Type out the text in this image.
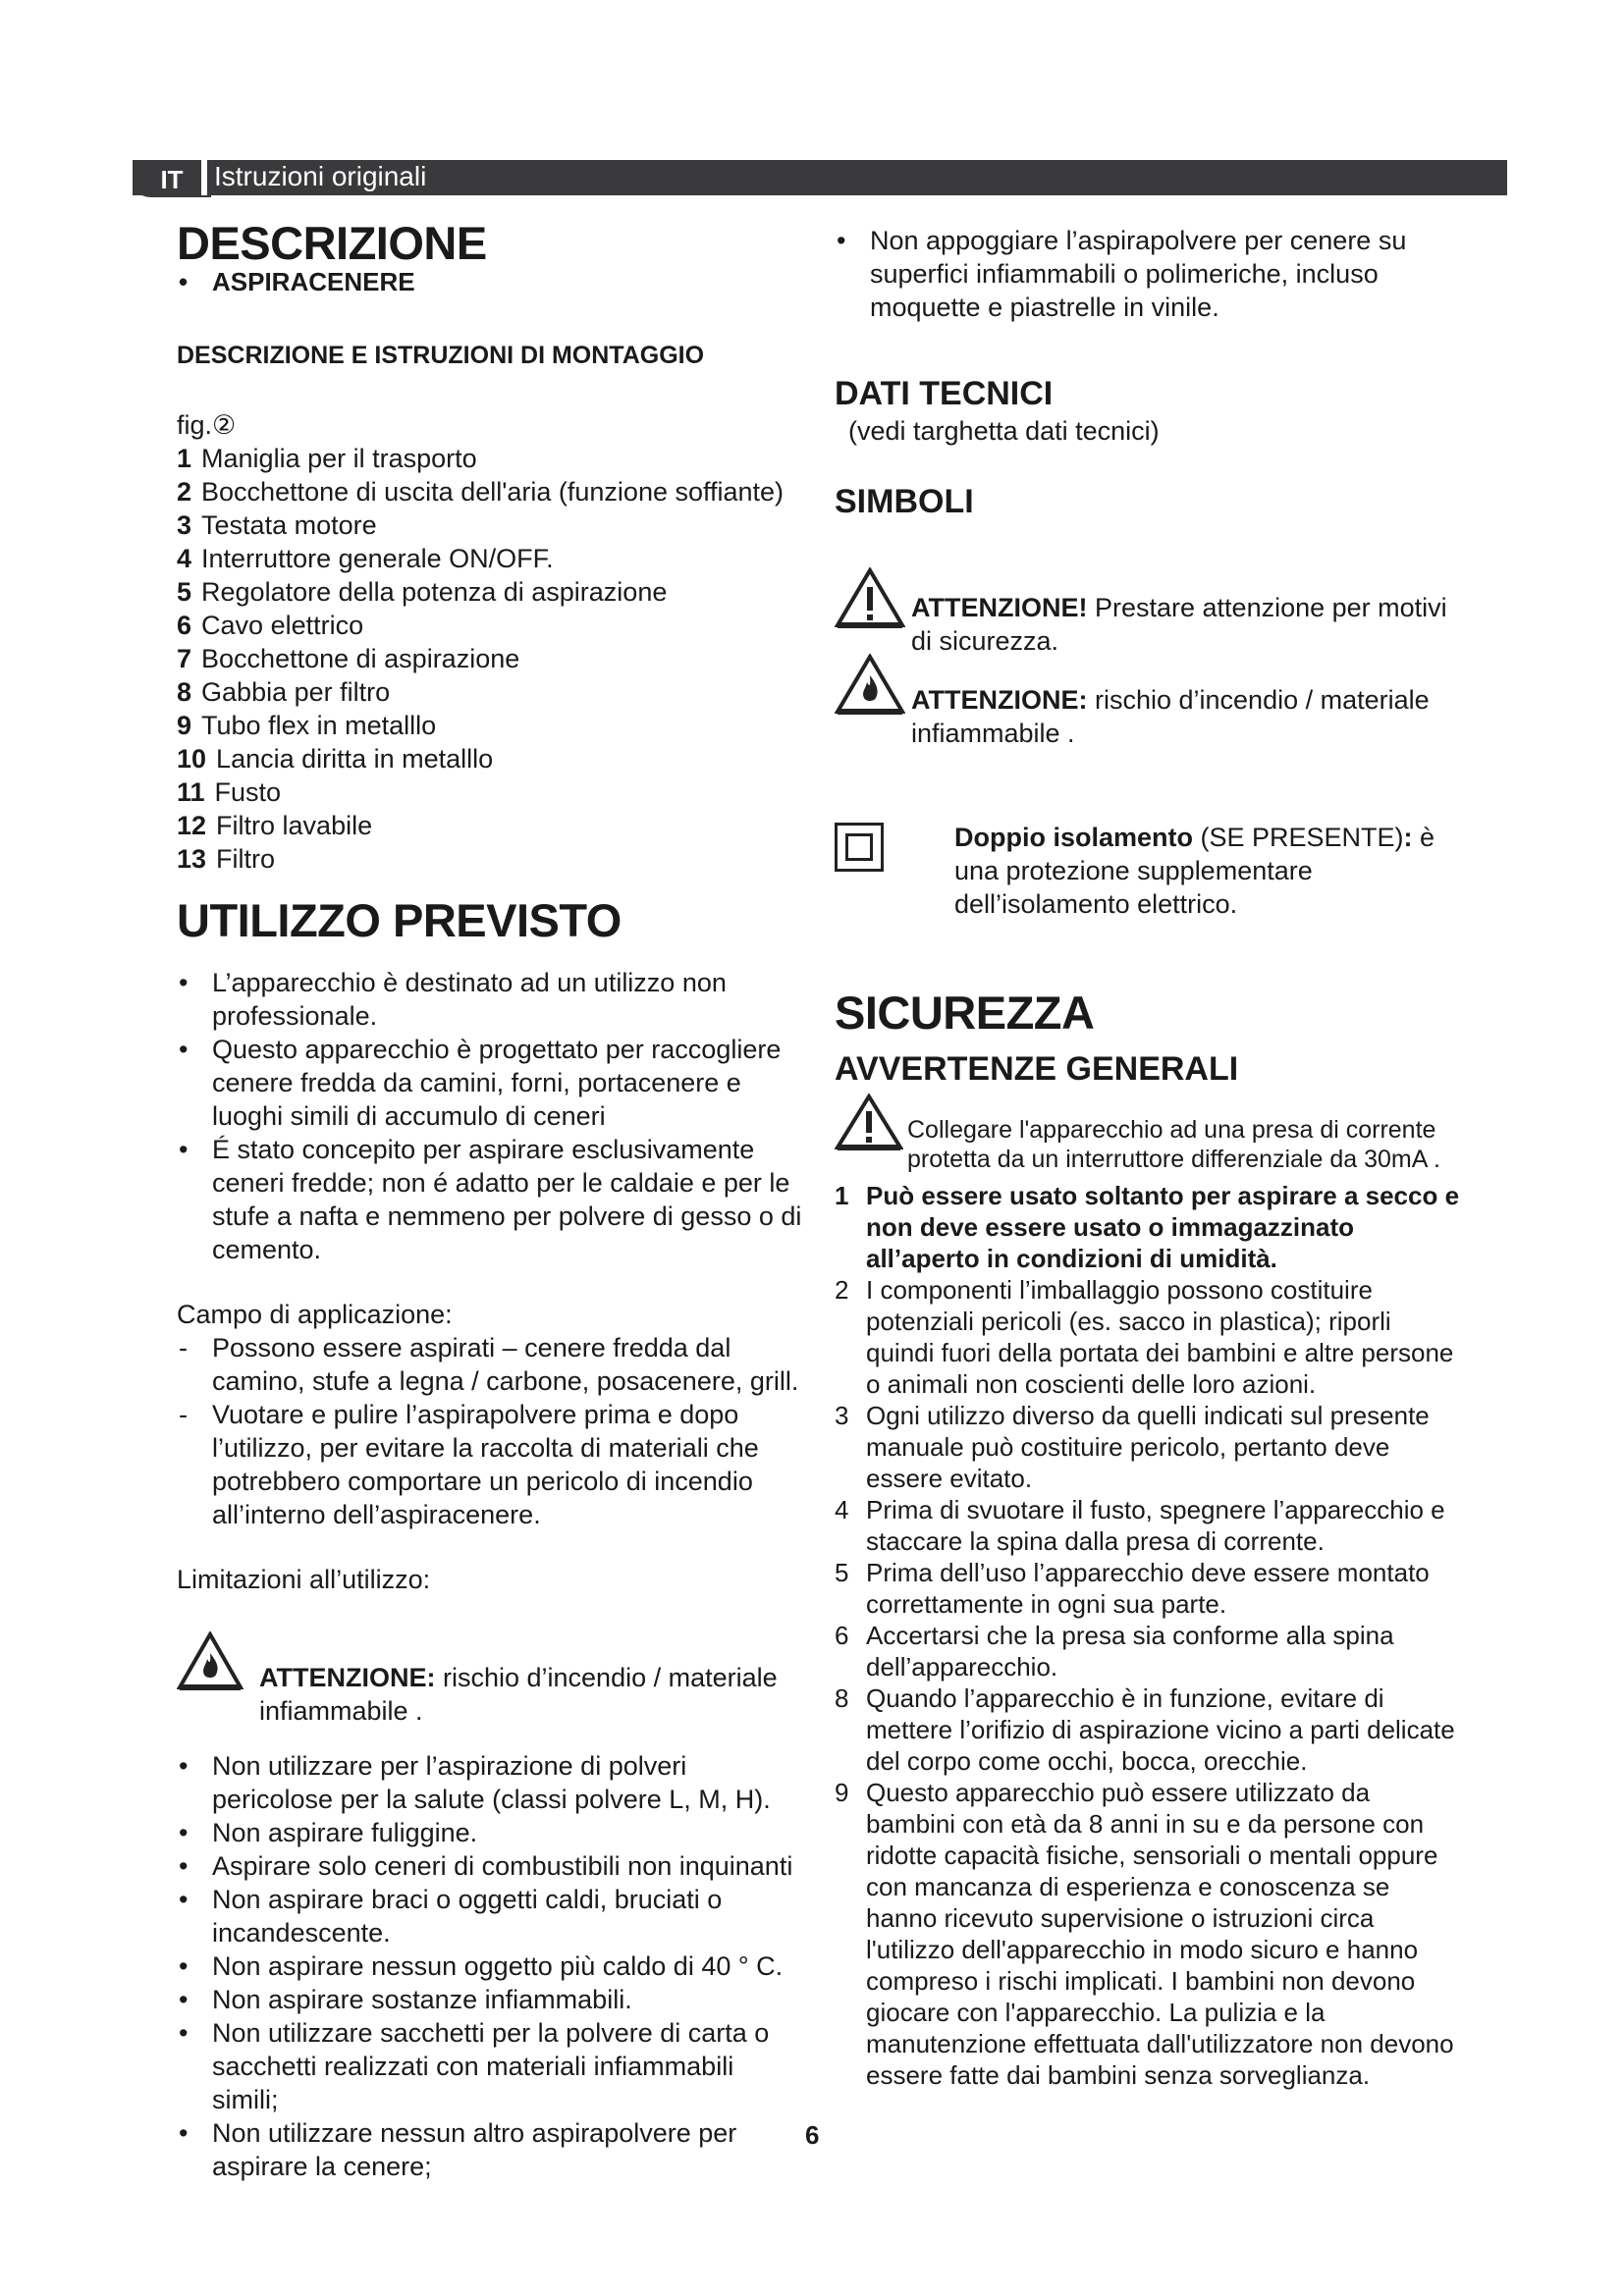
IT	Istruzioni originali
DESCRIZIONE
• ASPIRACENERE
DESCRIZIONE E ISTRUZIONI DI MONTAGGIO

fig.②

1 Maniglia per il trasporto
2 Bocchettone di uscita dell'aria (funzione soffiante)
3 Testata motore
4 Interruttore generale ON/OFF.
5 Regolatore della potenza di aspirazione
6 Cavo elettrico
7 Bocchettone di aspirazione
8 Gabbia per filtro
9 Tubo flex in metalllo
10 Lancia diritta in metalllo
11 Fusto
12 Filtro lavabile
13 Filtro
UTILIZZO PREVISTO
• L’apparecchio è destinato ad un utilizzo non professionale.
• Questo apparecchio è progettato per raccogliere cenere fredda da camini, forni, portacenere e luoghi simili di accumulo di ceneri
• É stato concepito per aspirare esclusivamente ceneri fredde; non é adatto per le caldaie e per le stufe a nafta e nemmeno per polvere di gesso o di cemento.

Campo di applicazione:

- Possono essere aspirati – cenere fredda dal camino, stufe a legna / carbone, posacenere, grill.
- Vuotare e pulire l’aspirapolvere prima e dopo l’utilizzo, per evitare la raccolta di materiali che potrebbero comportare un pericolo di incendio all’interno dell’aspiracenere.

Limitazioni all’utilizzo:

ATTENZIONE: rischio d’incendio / materiale infiammabile .
• Non utilizzare per l’aspirazione di polveri pericolose per la salute (classi polvere L, M, H).
• Non aspirare fuliggine.
• Aspirare solo ceneri di combustibili non inquinanti
• Non aspirare braci o oggetti caldi, bruciati o incandescente.
• Non aspirare nessun oggetto più caldo di 40 ° C.
• Non aspirare sostanze infiammabili.
• Non utilizzare sacchetti per la polvere di carta o sacchetti realizzati con materiali infiammabili simili;
• Non utilizzare nessun altro aspirapolvere per aspirare la cenere;
• Non appoggiare l’aspirapolvere per cenere su superfici infiammabili o polimeriche, incluso moquette e piastrelle in vinile.
DATI TECNICI

(vedi targhetta dati tecnici)

SIMBOLI
ATTENZIONE! Prestare attenzione per motivi di sicurezza.
ATTENZIONE: rischio d’incendio / materiale infiammabile .
Doppio isolamento (SE PRESENTE): è una protezione supplementare dell’isolamento elettrico.
SICUREZZA
AVVERTENZE GENERALI

Collegare l'apparecchio ad una presa di corrente protetta da un interruttore differenziale da 30mA .

1 Può essere usato soltanto per aspirare a secco e non deve essere usato o immagazzinato all’aperto in condizioni di umidità.
2 I componenti l’imballaggio possono costituire potenziali pericoli (es. sacco in plastica); riporli quindi fuori della portata dei bambini e altre persone o animali non coscienti delle loro azioni.
3 Ogni utilizzo diverso da quelli indicati sul presente manuale può costituire pericolo, pertanto deve essere evitato.
4 Prima di svuotare il fusto, spegnere l’apparecchio e staccare la spina dalla presa di corrente.
5 Prima dell’uso l’apparecchio deve essere montato correttamente in ogni sua parte.
6 Accertarsi che la presa sia conforme alla spina dell’apparecchio.
8 Quando l’apparecchio è in funzione, evitare di mettere l’orifizio di aspirazione vicino a parti delicate del corpo come occhi, bocca, orecchie.
9 Questo apparecchio può essere utilizzato da bambini con età da 8 anni in su e da persone con ridotte capacità fisiche, sensoriali o mentali oppure con mancanza di esperienza e conoscenza se hanno ricevuto supervisione o istruzioni circa l'utilizzo dell'apparecchio in modo sicuro e hanno compreso i rischi implicati. I bambini non devono giocare con l'apparecchio. La pulizia e la manutenzione effettuata dall'utilizzatore non devono essere fatte dai bambini senza sorveglianza.
6
